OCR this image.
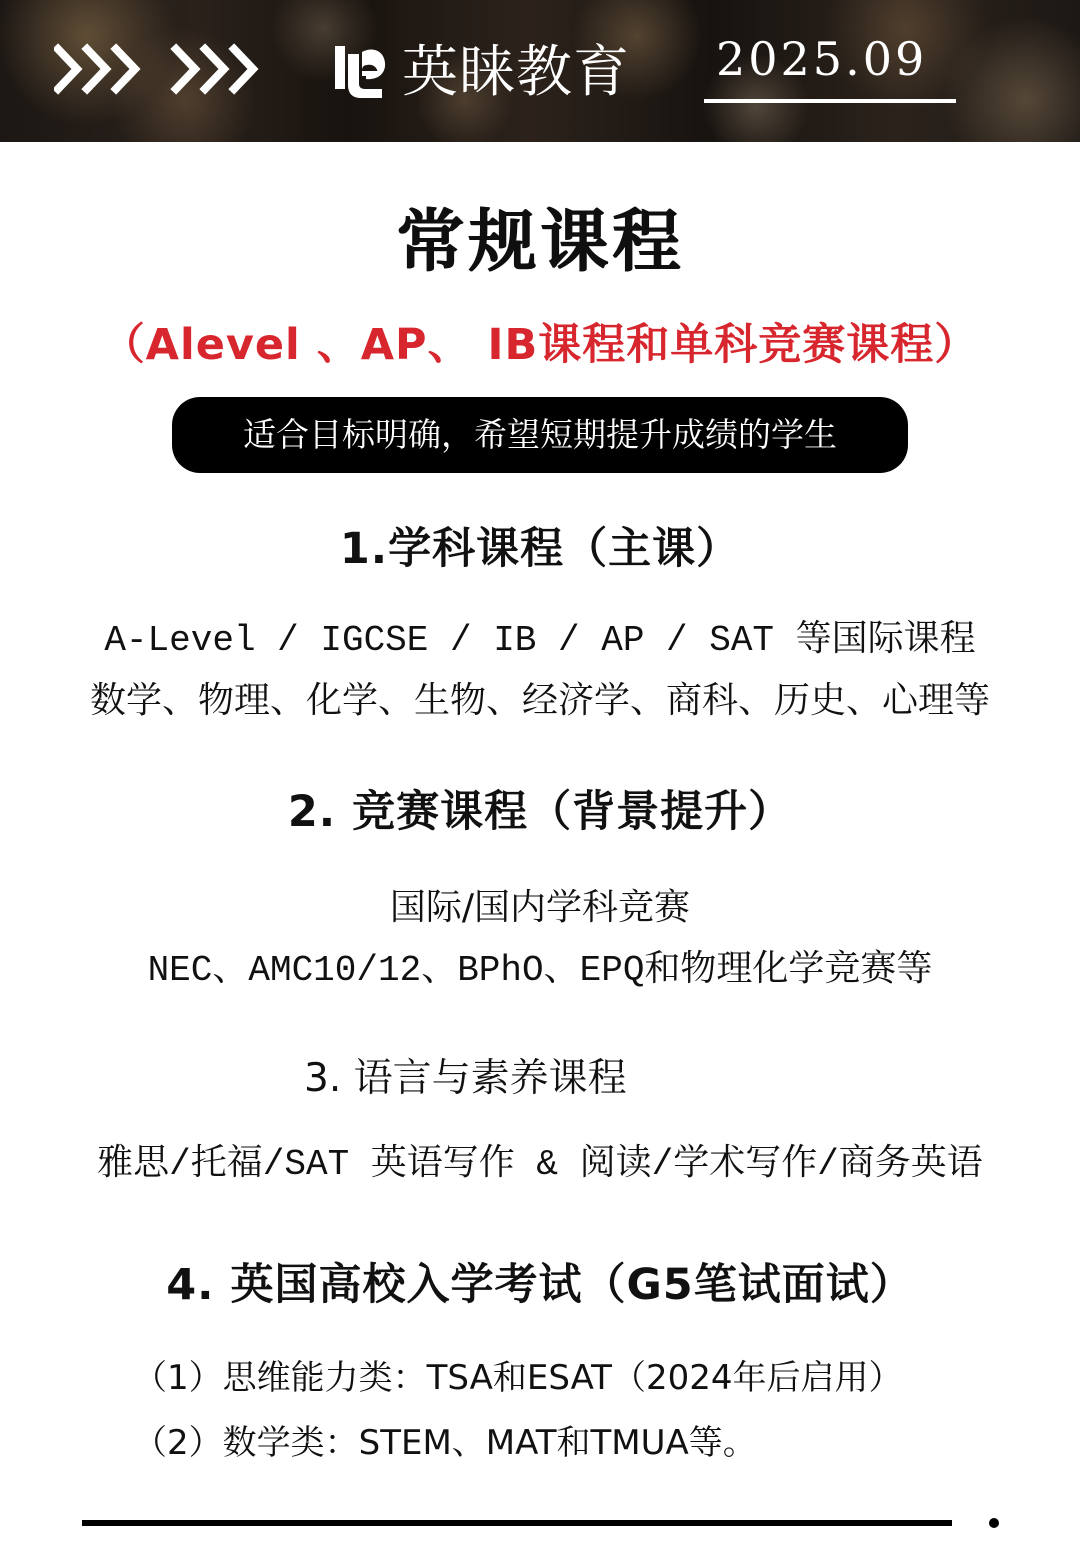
英睐教育 2025.09
常规课程
（Alevel 、AP、 IB课程和单科竞赛课程）
适合目标明确，希望短期提升成绩的学生
1.学科课程（主课）
A-Level / IGCSE / IB / AP / SAT 等国际课程
数学、物理、化学、生物、经济学、商科、历史、心理等
2. 竞赛课程（背景提升）
国际/国内学科竞赛
NEC、AMC10/12、BPhO、EPQ和物理化学竞赛等
3. 语言与素养课程
雅思/托福/SAT 英语写作 & 阅读/学术写作/商务英语
4. 英国高校入学考试（G5笔试面试）
（1）思维能力类：TSA和ESAT（2024年后启用）
（2）数学类：STEM、MAT和TMUA等。
